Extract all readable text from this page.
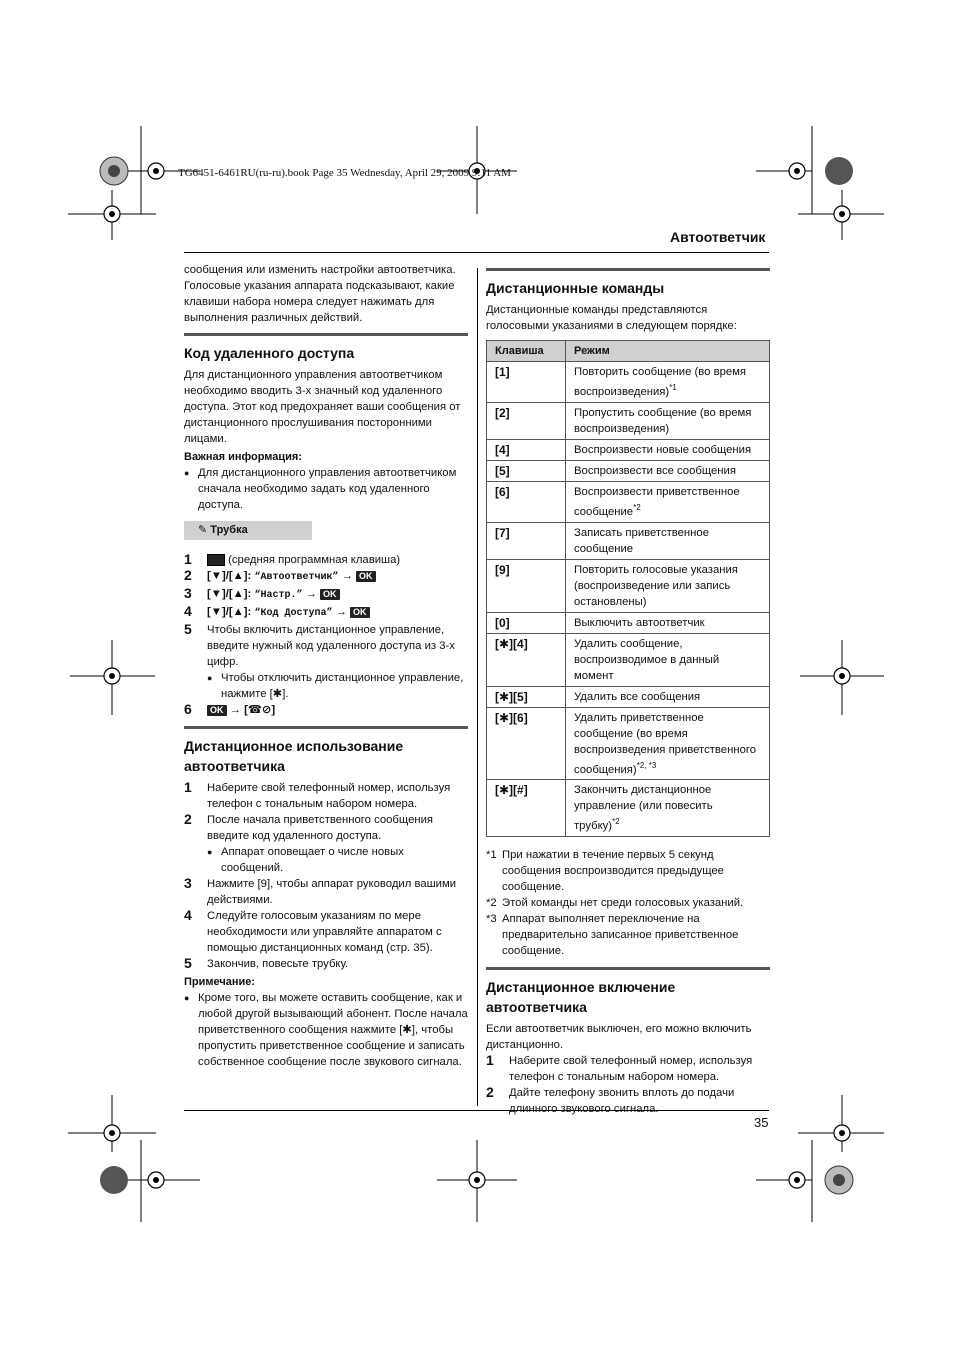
TG6451-6461RU(ru-ru).book Page 35 Wednesday, April 29, 2009 9:11 AM
Автоответчик
35

сообщения или изменить настройки автоответчика. Голосовые указания аппарата подсказывают, какие клавиши набора номера следует нажимать для выполнения различных действий.

Код удаленного доступа

Для дистанционного управления автоответчиком необходимо вводить 3-х значный код удаленного доступа. Этот код предохраняет ваши сообщения от дистанционного прослушивания посторонними лицами.

Важная информация:

● Для дистанционного управления автоответчиком сначала необходимо задать код удаленного доступа.

✎ Трубка
1	(средняя программная клавиша)
2 [▼]/[▲]: “Автоответчик” → OK
3 [▼]/[▲]: “Настр.” → OK
4 [▼]/[▲]: “Код Доступа” → OK
5 Чтобы включить дистанционное управление, введите нужный код удаленного доступа из 3-х цифр.

● Чтобы отключить дистанционное управление, нажмите [✱].

6 OK → [☎⊘]
Дистанционное использование автоответчика
1 Наберите свой телефонный номер, используя телефон с тональным набором номера.
2 После начала приветственного сообщения введите код удаленного доступа.

● Аппарат оповещает о числе новых сообщений.

3 Нажмите [9], чтобы аппарат руководил вашими действиями.
4 Следуйте голосовым указаниям по мере необходимости или управляйте аппаратом с помощью дистанционных команд (стр. 35).
5 Закончив, повесьте трубку.

Примечание:

● Кроме того, вы можете оставить сообщение, как и любой другой вызывающий абонент. После начала приветственного сообщения нажмите [✱], чтобы пропустить приветственное сообщение и записать собственное сообщение после звукового сигнала.

Дистанционные команды

Дистанционные команды представляются голосовыми указаниями в следующем порядке:

Клавиша	Режим
[1]	Повторить сообщение (во время воспроизведения)$^{*1}$
[2]	Пропустить сообщение (во время воспроизведения)
[4]	Воспроизвести новые сообщения
[5]	Воспроизвести все сообщения
[6]	Воспроизвести приветственное сообщение$^{*2}$
[7]	Записать приветственное сообщение
[9]	Повторить голосовые указания (воспроизведение или запись остановлены)
[0]	Выключить автоответчик
[✱][4]	Удалить сообщение, воспроизводимое в данный момент
[✱][5]	Удалить все сообщения
[✱][6]	Удалить приветственное сообщение (во время воспроизведения приветственного сообщения)$^{*2, *3}$
[✱][#]	Закончить дистанционное управление (или повесить трубку)$^{*2}$
*1 При нажатии в течение первых 5 секунд сообщения воспроизводится предыдущее сообщение.
*2 Этой команды нет среди голосовых указаний.
*3 Аппарат выполняет переключение на предварительно записанное приветственное сообщение.
Дистанционное включение автоответчика

Если автоответчик выключен, его можно включить дистанционно.

1 Наберите свой телефонный номер, используя телефон с тональным набором номера.
2 Дайте телефону звонить вплоть до подачи длинного звукового сигнала.
